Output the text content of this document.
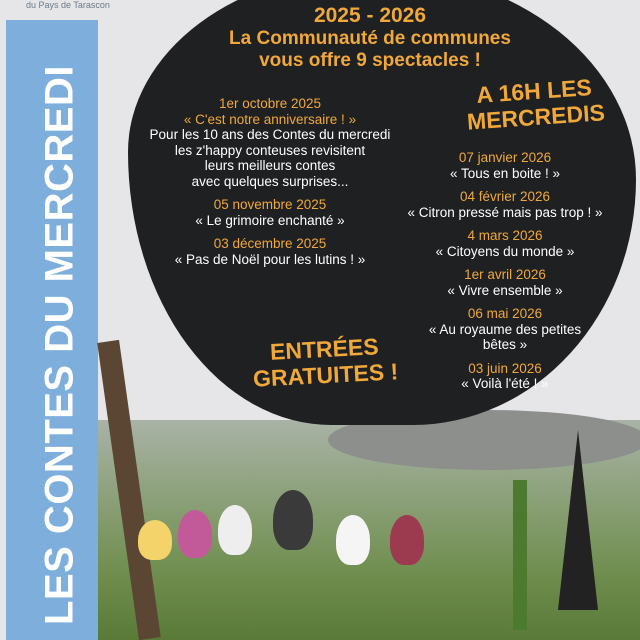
du Pays de Tarascon
LES CONTES DU MERCREDI
2025 - 2026
La Communauté de communes
vous offre 9 spectacles !
A 16H LES
MERCREDIS
1er octobre 2025
« C'est notre anniversaire ! »
Pour les 10 ans des Contes du mercredi
les z'happy conteuses revisitent
leurs meilleurs contes
avec quelques surprises...
05 novembre 2025
« Le grimoire enchanté »
03 décembre 2025
« Pas de Noël pour les lutins ! »
07 janvier 2026
« Tous en boite ! »
04 février 2026
« Citron pressé mais pas trop ! »
4 mars 2026
« Citoyens du monde »
1er avril 2026
« Vivre ensemble »
06 mai 2026
« Au royaume des petites
bêtes »
03 juin 2026
« Voilà l'été ! »
ENTRÉES
GRATUITES !
